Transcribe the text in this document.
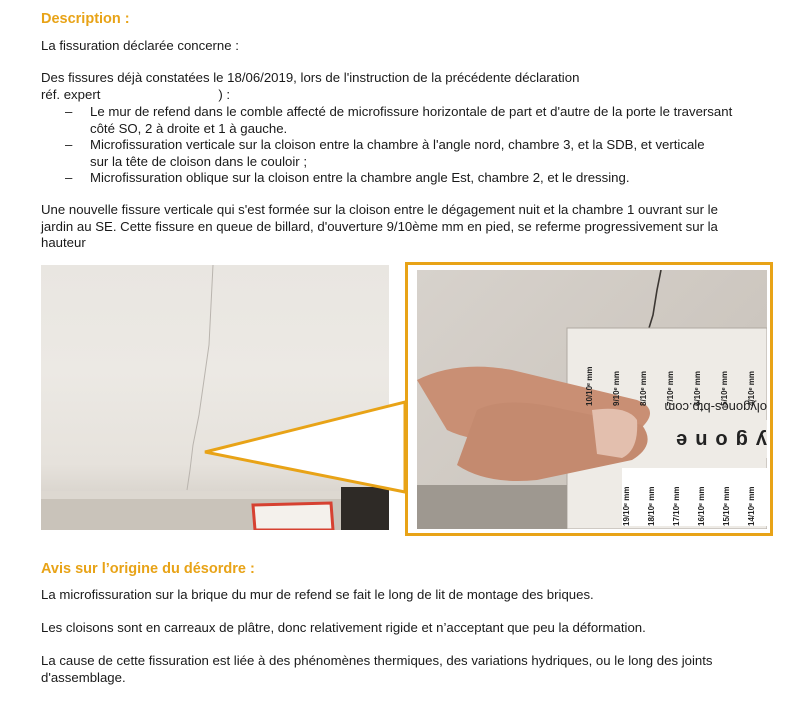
Description :

La fissuration déclarée concerne :

Des fissures déjà constatées le 18/06/2019, lors de l'instruction de la précédente déclaration
réf. expert	) :

– Le mur de refend dans le comble affecté de microfissure horizontale de part et d'autre de la porte le traversant
côté SO, 2 à droite et 1 à gauche.
– Microfissuration verticale sur la cloison entre la chambre à l'angle nord, chambre 3, et la SDB, et verticale
sur la tête de cloison dans le couloir ;
– Microfissuration oblique sur la cloison entre la chambre angle Est, chambre 2, et le dressing.

Une nouvelle fissure verticale qui s'est formée sur la cloison entre le dégagement nuit et la chambre 1 ouvrant sur le
jardin au SE. Cette fissure en queue de billard, d'ouverture 9/10ème mm en pied, se referme progressivement sur la
hauteur

10/10ᵉ mm	9/10ᵉ mm	8/10ᵉ mm	7/10ᵉ mm	6/10ᵉ mm	5/10ᵉ mm	4/10ᵉ mm
olygones-btp.com
ygone
19/10ᵉ mm	18/10ᵉ mm	17/10ᵉ mm	16/10ᵉ mm	15/10ᵉ mm	14/10ᵉ mm
Avis sur l’origine du désordre :

La microfissuration sur la brique du mur de refend se fait le long de lit de montage des briques.

Les cloisons sont en carreaux de plâtre, donc relativement rigide et n’acceptant que peu la déformation.

La cause de cette fissuration est liée à des phénomènes thermiques, des variations hydriques, ou le long des joints
d'assemblage.
